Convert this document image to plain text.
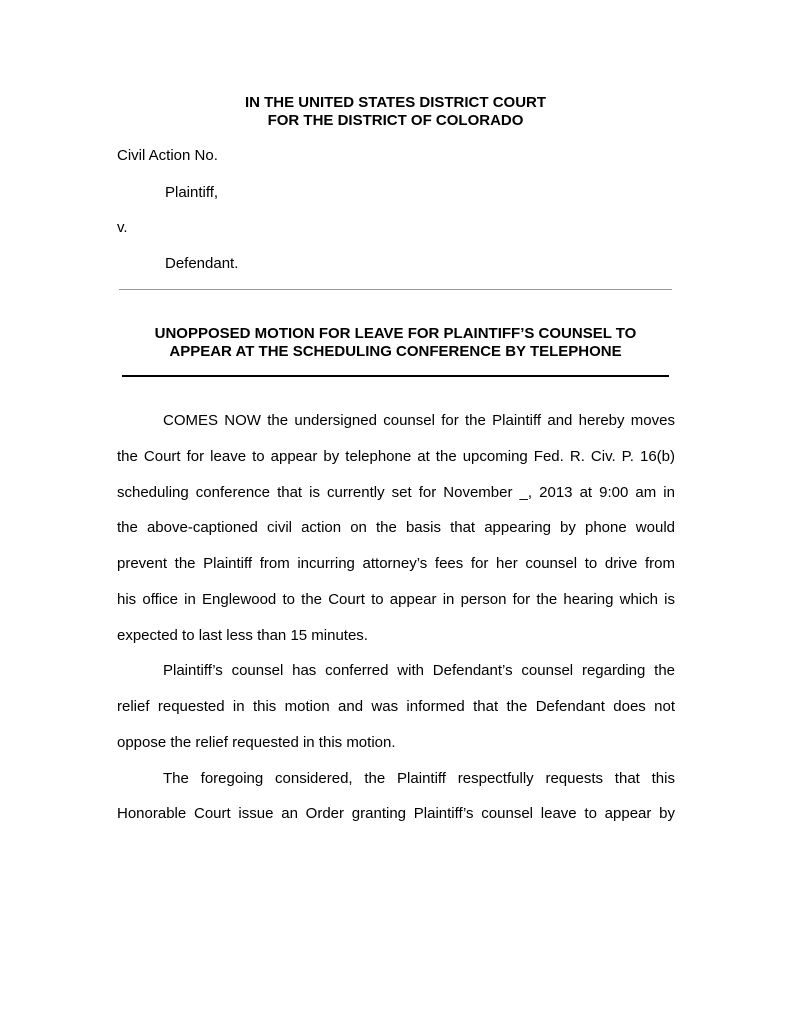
IN THE UNITED STATES DISTRICT COURT
FOR THE DISTRICT OF COLORADO
Civil Action No.
Plaintiff,
v.
Defendant.
UNOPPOSED MOTION FOR LEAVE FOR PLAINTIFF’S COUNSEL TO
APPEAR AT THE SCHEDULING CONFERENCE BY TELEPHONE
COMES NOW the undersigned counsel for the Plaintiff and hereby moves
the Court for leave to appear by telephone at the upcoming Fed. R. Civ. P. 16(b)
scheduling conference that is currently set for November _, 2013 at 9:00 am in
the above-captioned civil action on the basis that appearing by phone would
prevent the Plaintiff from incurring attorney’s fees for her counsel to drive from
his office in Englewood to the Court to appear in person for the hearing which is
expected to last less than 15 minutes.
Plaintiff’s counsel has conferred with Defendant’s counsel regarding the
relief requested in this motion and was informed that the Defendant does not
oppose the relief requested in this motion.
The foregoing considered, the Plaintiff respectfully requests that this
Honorable Court issue an Order granting Plaintiff’s counsel leave to appear by
